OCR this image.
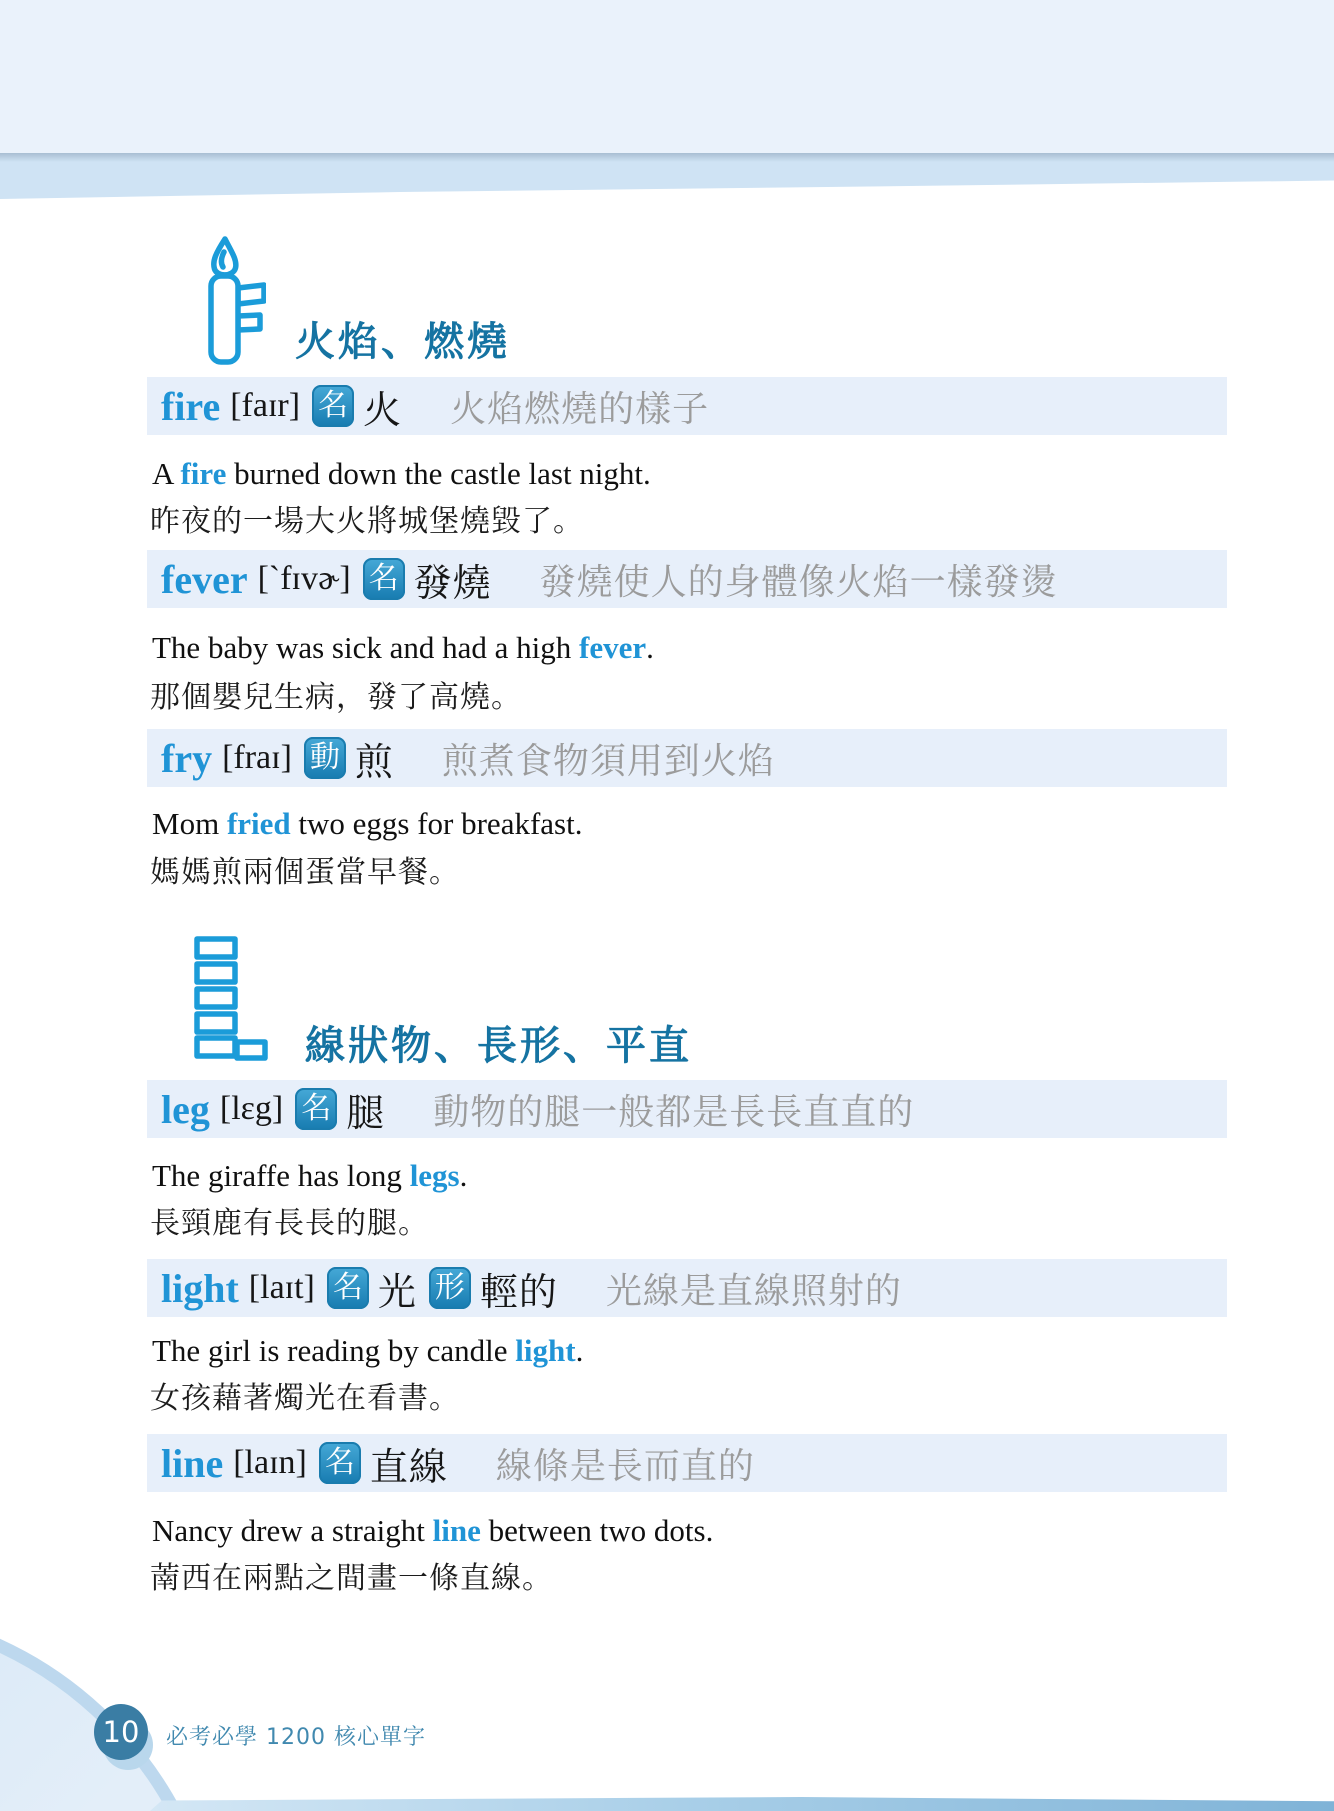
火焰、燃燒
fire [faɪr] 名 火 火焰燃燒的樣子
A fire burned down the castle last night.
昨夜的一場大火將城堡燒毀了。
fever [ˋfɪvɚ] 名 發燒 發燒使人的身體像火焰一樣發燙
The baby was sick and had a high fever.
那個嬰兒生病，發了高燒。
fry [fraɪ] 動 煎 煎煮食物須用到火焰
Mom fried two eggs for breakfast.
媽媽煎兩個蛋當早餐。
線狀物、長形、平直
leg [lɛg] 名 腿 動物的腿一般都是長長直直的
The giraffe has long legs.
長頸鹿有長長的腿。
light [laɪt] 名 光 形 輕的 光線是直線照射的
The girl is reading by candle light.
女孩藉著燭光在看書。
line [laɪn] 名 直線 線條是長而直的
Nancy drew a straight line between two dots.
萳西在兩點之間畫一條直線。
10 必考必學 1200 核心單字
